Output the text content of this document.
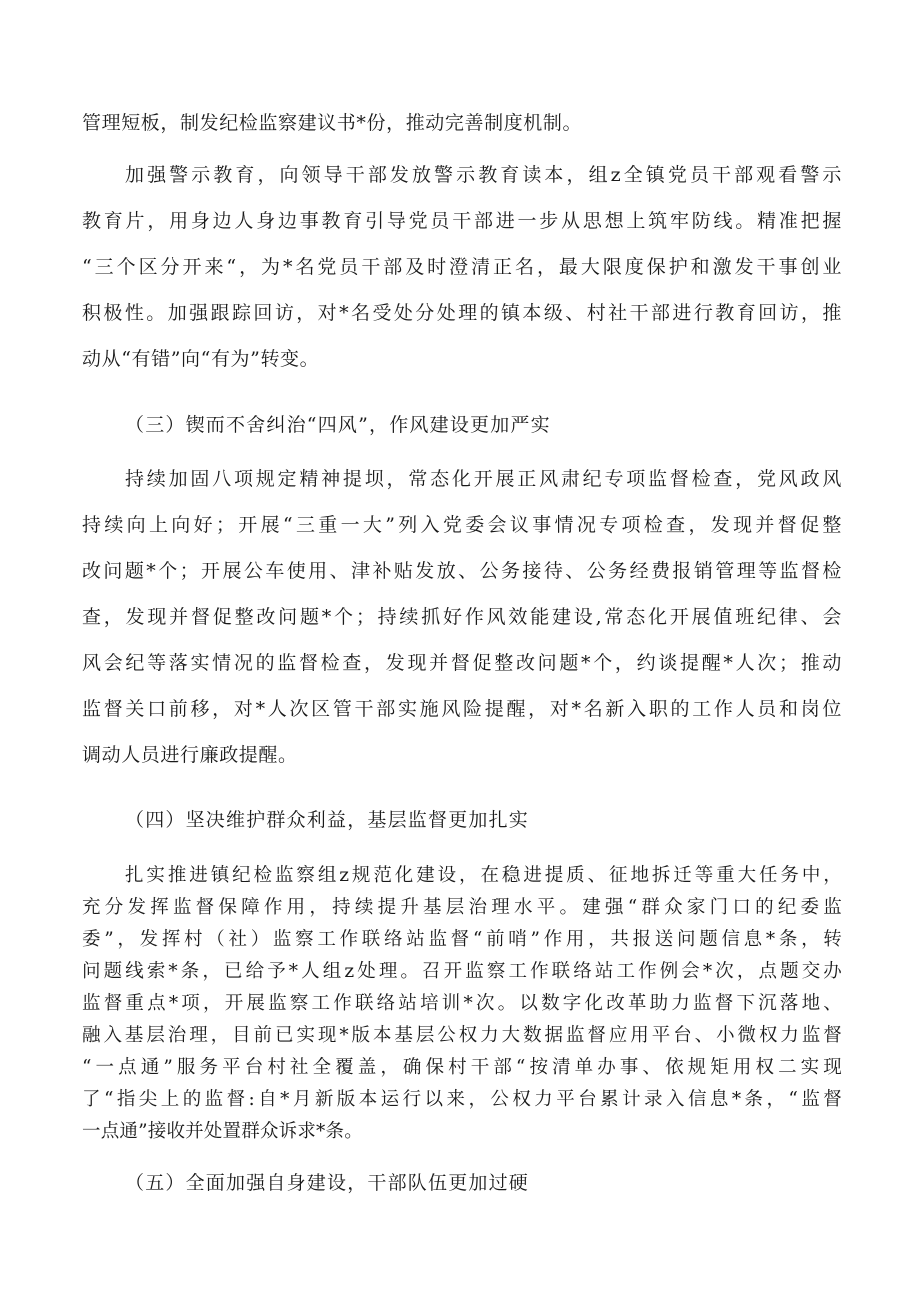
管理短板，制发纪检监察建议书*份，推动完善制度机制。
加强警示教育，向领导干部发放警示教育读本，组z全镇党员干部观看警示
教育片，用身边人身边事教育引导党员干部进一步从思想上筑牢防线。精准把握
“三个区分开来“，为*名党员干部及时澄清正名，最大限度保护和激发干事创业
积极性。加强跟踪回访，对*名受处分处理的镇本级、村社干部进行教育回访，推
动从“有错”向“有为”转变。
（三）锲而不舍纠治“四风”，作风建设更加严实
持续加固八项规定精神提坝，常态化开展正风肃纪专项监督检查，党风政风
持续向上向好；开展“三重一大”列入党委会议事情况专项检查，发现并督促整
改问题*个；开展公车使用、津补贴发放、公务接待、公务经费报销管理等监督检
查，发现并督促整改问题*个；持续抓好作风效能建设,常态化开展值班纪律、会
风会纪等落实情况的监督检查，发现并督促整改问题*个，约谈提醒*人次；推动
监督关口前移，对*人次区管干部实施风险提醒，对*名新入职的工作人员和岗位
调动人员进行廉政提醒。
（四）坚决维护群众利益，基层监督更加扎实
扎实推进镇纪检监察组z规范化建设，在稳进提质、征地拆迁等重大任务中，
充分发挥监督保障作用，持续提升基层治理水平。建强“群众家门口的纪委监
委”，发挥村（社）监察工作联络站监督“前哨”作用，共报送问题信息*条，转
问题线索*条，已给予*人组z处理。召开监察工作联络站工作例会*次，点题交办
监督重点*项，开展监察工作联络站培训*次。以数字化改革助力监督下沉落地、
融入基层治理，目前已实现*版本基层公权力大数据监督应用平台、小微权力监督
“一点通”服务平台村社全覆盖，确保村干部“按清单办事、依规矩用权二实现
了“指尖上的监督:自*月新版本运行以来，公权力平台累计录入信息*条，“监督
一点通”接收并处置群众诉求*条。
（五）全面加强自身建设，干部队伍更加过硬
